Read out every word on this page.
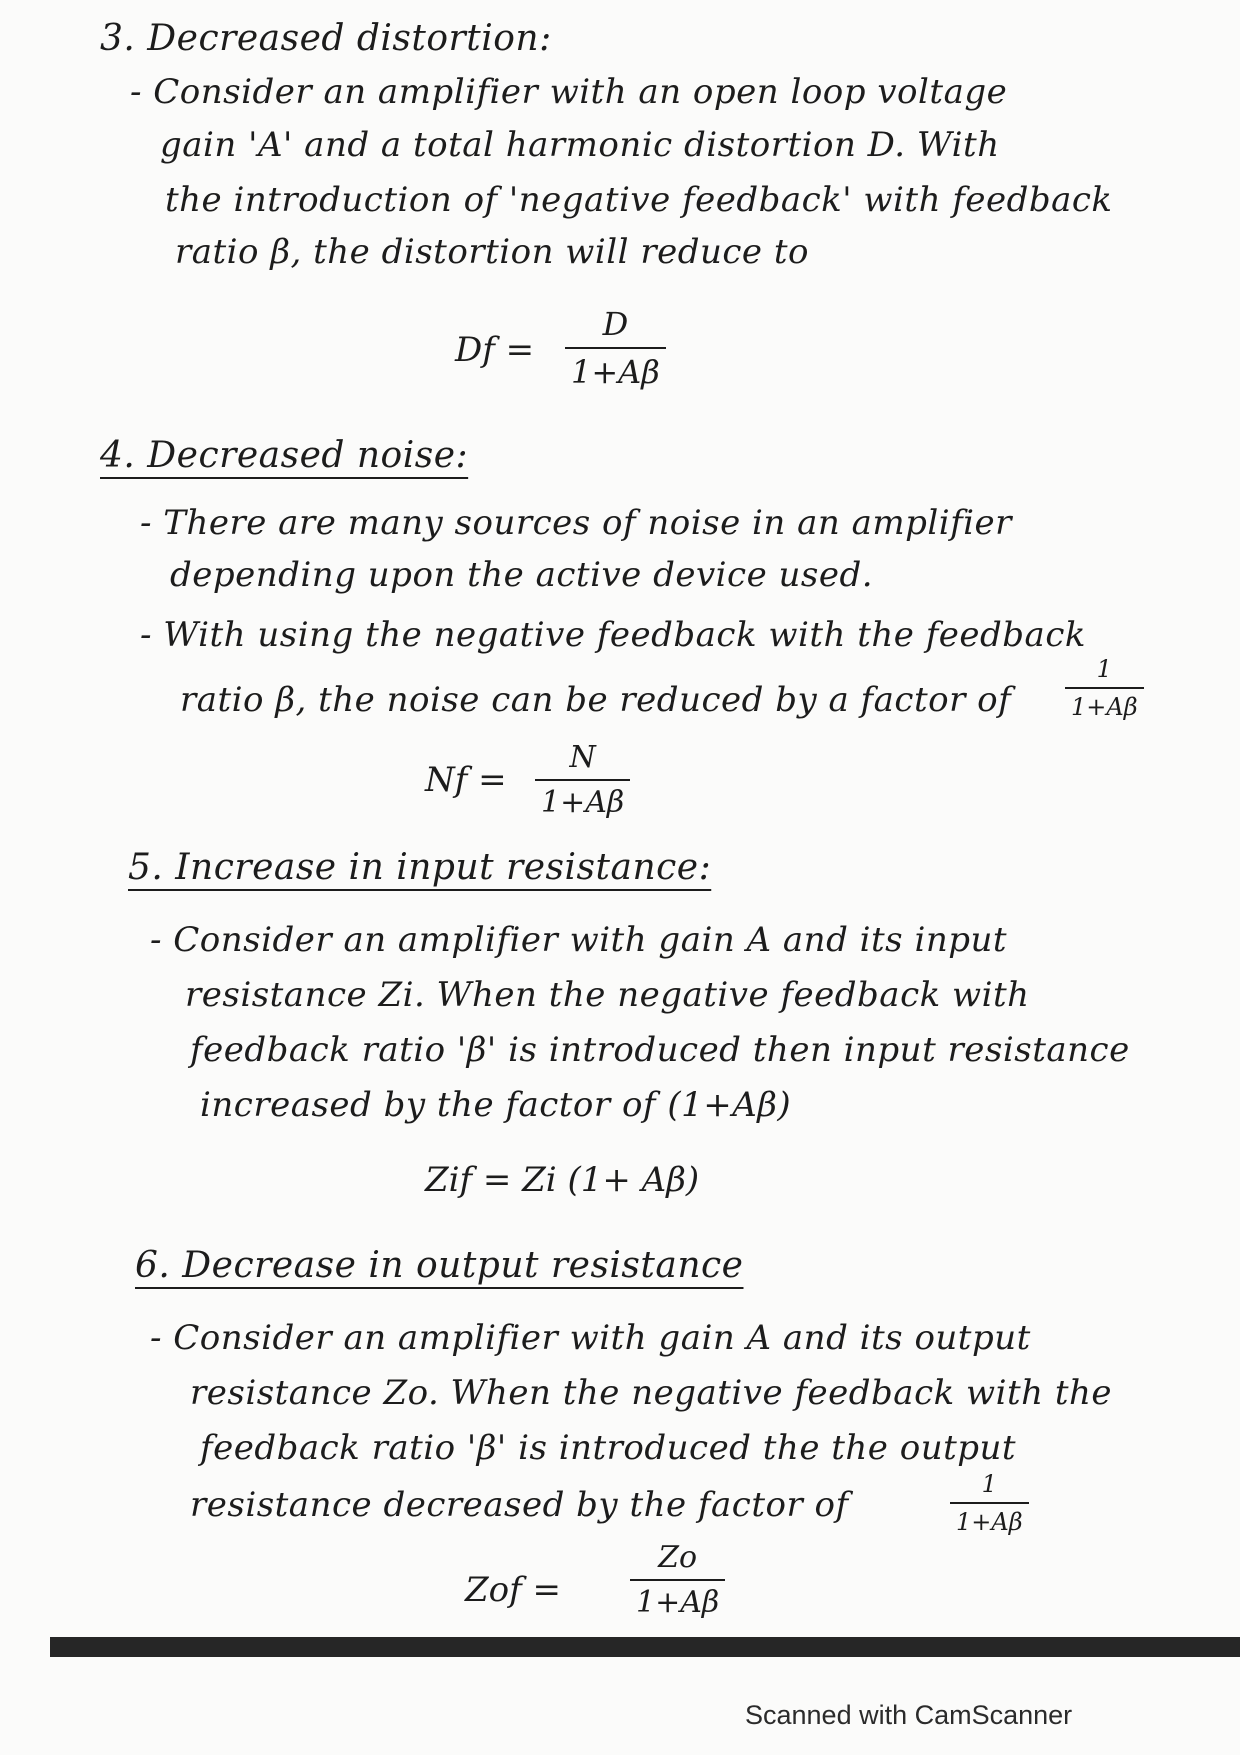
3. Decreased distortion:
- Consider an amplifier with an open loop voltage
gain 'A' and a total harmonic distortion D. With
the introduction of 'negative feedback' with feedback
ratio β, the distortion will reduce to
Df =
D
1+Aβ
4. Decreased noise:
- There are many sources of noise in an amplifier
depending upon the active device used.
- With using the negative feedback with the feedback
ratio β, the noise can be reduced by a factor of
1
1+Aβ
Nf =
N
1+Aβ
5. Increase in input resistance:
- Consider an amplifier with gain A and its input
resistance Zi. When the negative feedback with
feedback ratio 'β' is introduced then input resistance
increased by the factor of (1+Aβ)
Zif = Zi (1+ Aβ)
6. Decrease in output resistance
- Consider an amplifier with gain A and its output
resistance Zo. When the negative feedback with the
feedback ratio 'β' is introduced the the output
resistance decreased by the factor of
1
1+Aβ
Zof =
Zo
1+Aβ
Scanned with CamScanner
